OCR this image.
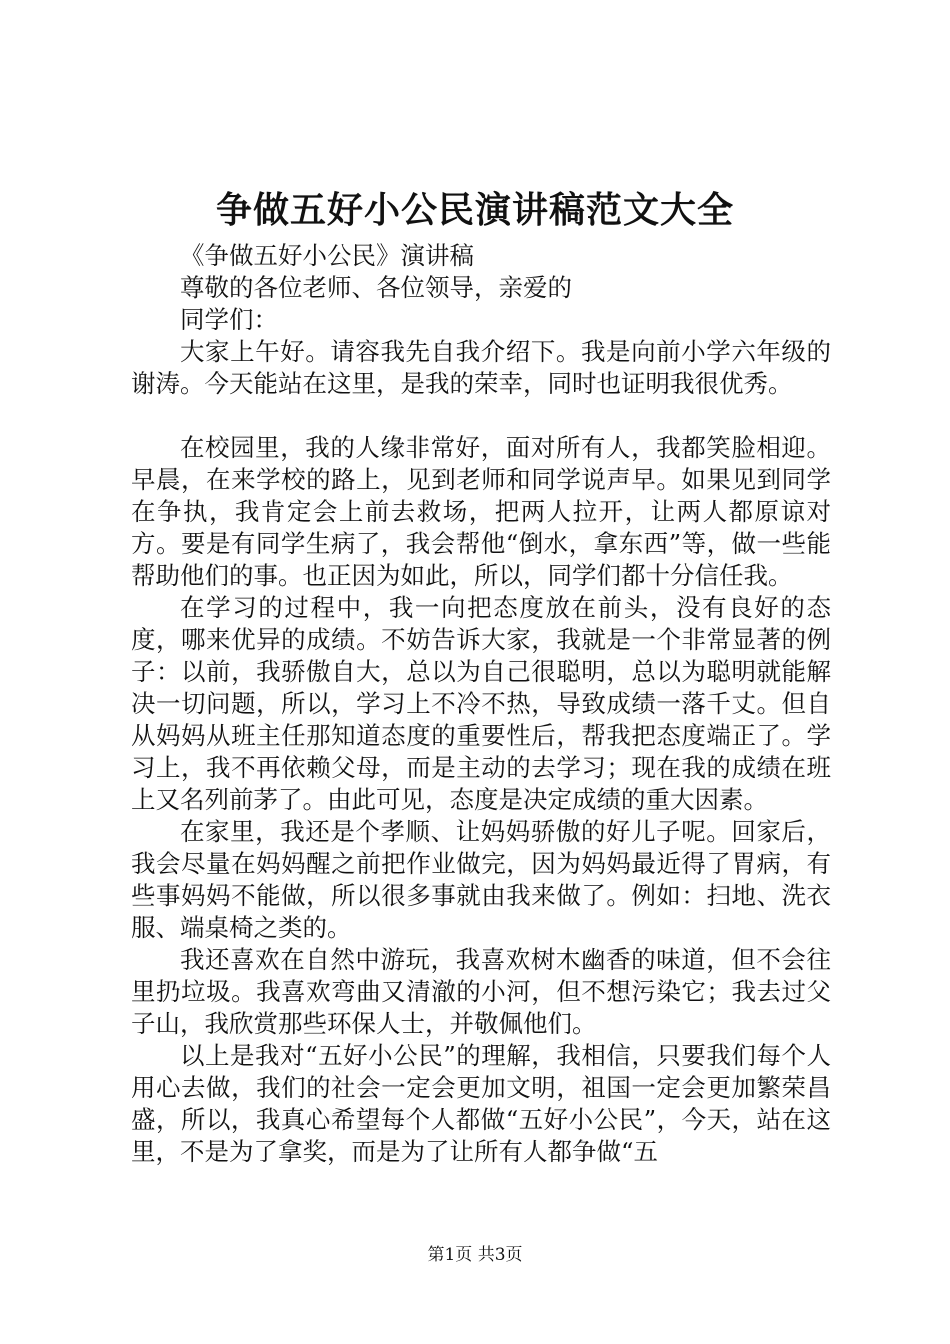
争做五好小公民演讲稿范文大全

《争做五好小公民》演讲稿

尊敬的各位老师、各位领导，亲爱的

同学们：

大家上午好。请容我先自我介绍下。我是向前小学六年级的谢涛。今天能站在这里，是我的荣幸，同时也证明我很优秀。

在校园里，我的人缘非常好，面对所有人，我都笑脸相迎。早晨，在来学校的路上，见到老师和同学说声早。如果见到同学在争执，我肯定会上前去救场，把两人拉开，让两人都原谅对方。要是有同学生病了，我会帮他“倒水，拿东西”等，做一些能帮助他们的事。也正因为如此，所以，同学们都十分信任我。

在学习的过程中，我一向把态度放在前头，没有良好的态度，哪来优异的成绩。不妨告诉大家，我就是一个非常显著的例子：以前，我骄傲自大，总以为自己很聪明，总以为聪明就能解决一切问题，所以，学习上不冷不热，导致成绩一落千丈。但自从妈妈从班主任那知道态度的重要性后，帮我把态度端正了。学习上，我不再依赖父母，而是主动的去学习；现在我的成绩在班上又名列前茅了。由此可见，态度是决定成绩的重大因素。

在家里，我还是个孝顺、让妈妈骄傲的好儿子呢。回家后，我会尽量在妈妈醒之前把作业做完，因为妈妈最近得了胃病，有些事妈妈不能做，所以很多事就由我来做了。例如：扫地、洗衣服、端桌椅之类的。

我还喜欢在自然中游玩，我喜欢树木幽香的味道，但不会往里扔垃圾。我喜欢弯曲又清澈的小河，但不想污染它；我去过父子山，我欣赏那些环保人士，并敬佩他们。

以上是我对“五好小公民”的理解，我相信，只要我们每个人用心去做，我们的社会一定会更加文明，祖国一定会更加繁荣昌盛，所以，我真心希望每个人都做“五好小公民”，今天，站在这里，不是为了拿奖，而是为了让所有人都争做“五

第1页 共3页
